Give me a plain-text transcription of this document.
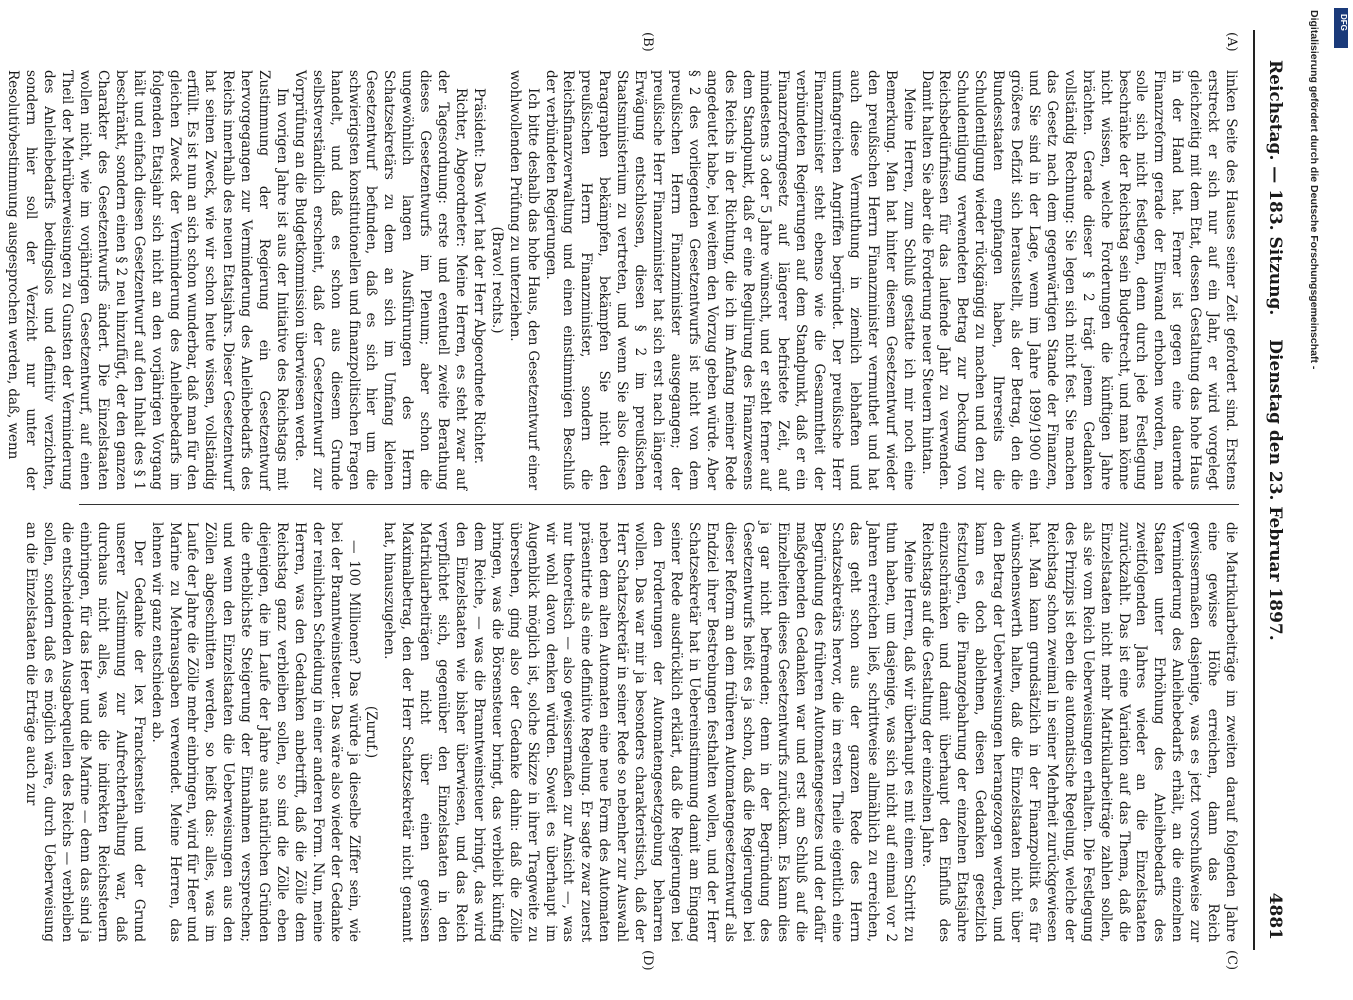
Reichstag. — 183. Sitzung.
Dienstag den 23. Februar 1897.
4881
(A)
(B)
(C)
(D)

linken Seite des Hauses seiner Zeit gefordert sind. Erstens erstreckt er sich nur auf ein Jahr, er wird vorgelegt gleichzeitig mit dem Etat, dessen Gestaltung das hohe Haus in der Hand hat. Ferner ist gegen eine dauernde Finanzreform gerade der Einwand erhoben worden, man solle sich nicht festlegen, denn durch jede Festlegung beschränke der Reichstag sein Budgetrecht, und man könne nicht wissen, welche Forderungen die künftigen Jahre brächten. Gerade dieser § 2 trägt jenem Gedanken vollständig Rechnung: Sie legen sich nicht fest. Sie machen das Gesetz nach dem gegenwärtigen Stande der Finanzen, und Sie sind in der Lage, wenn im Jahre 1899/1900 ein größeres Defizit sich herausstellt, als der Betrag, den die Bundesstaaten empfangen haben, Ihrerseits die Schuldentilgung wieder rückgängig zu machen und den zur Schuldentilgung verwendeten Betrag zur Deckung von Reichsbedürfnissen für das laufende Jahr zu verwenden. Damit halten Sie aber die Forderung neuer Steuern hintan.

Meine Herren, zum Schluß gestatte ich mir noch eine Bemerkung. Man hat hinter diesem Gesetzentwurf wieder den preußischen Herrn Finanzminister vermuthet und hat auch diese Vermuthung in ziemlich lebhaften und umfangreichen Angriffen begründet. Der preußische Herr Finanzminister steht ebenso wie die Gesammtheit der verbündeten Regierungen auf dem Standpunkt, daß er ein Finanzreformgesetz auf längerer befristete Zeit, auf mindestens 3 oder 5 Jahre wünscht, und er steht ferner auf dem Standpunkt, daß er eine Regulirung des Finanzwesens des Reichs in der Richtung, die ich im Anfang meiner Rede angedeutet habe, bei weitem den Vorzug geben würde. Aber § 2 des vorliegenden Gesetzentwurfs ist nicht von dem preußischen Herrn Finanzminister ausgegangen; der preußische Herr Finanzminister hat sich erst nach längerer Erwägung entschlossen, diesen § 2 im preußischen Staatsministerium zu vertreten, und wenn Sie also diesen Paragraphen bekämpfen, bekämpfen Sie nicht den preußischen Herrn Finanzminister, sondern die Reichsfinanzverwaltung und einen einstimmigen Beschluß der verbündeten Regierungen.

Ich bitte deshalb das hohe Haus, den Gesetzentwurf einer wohlwollenden Prüfung zu unterziehen.

(Bravo! rechts.)

Präsident: Das Wort hat der Herr Abgeordnete Richter.

Richter, Abgeordneter: Meine Herren, es steht zwar auf der Tagesordnung: erste und eventuell zweite Berathung dieses Gesetzentwurfs im Plenum; aber schon die ungewöhnlich langen Ausführungen des Herrn Schatzsekretärs zu dem an sich im Umfang kleinen Gesetzentwurf befunden, daß es sich hier um die schwierigsten konstitutionellen und finanzpolitischen Fragen handelt, und daß es schon aus diesem Grunde selbstverständlich erscheint, daß der Gesetzentwurf zur Vorprüfung an die Budgetkommission überwiesen werde.

Im vorigen Jahre ist aus der Initiative des Reichstags mit Zustimmung der Regierung ein Gesetzentwurf hervorgegangen zur Verminderung des Anleihebedarfs des Reichs innerhalb des neuen Etatsjahrs. Dieser Gesetzentwurf hat seinen Zweck, wie wir schon heute wissen, vollständig erfüllt. Es ist nun an sich schon wunderbar, daß man für den gleichen Zweck der Verminderung des Anleihebedarfs im folgenden Etatsjahr sich nicht an den vorjährigen Vorgang hält und einfach diesen Gesetzentwurf auf den Inhalt des § 1 beschränkt, sondern einen § 2 neu hinzufügt, der den ganzen Charakter des Gesetzentwurfs ändert. Die Einzelstaaten wollen nicht, wie im vorjährigen Gesetzentwurf, auf einen Theil der Mehrüberweisungen zu Gunsten der Verminderung des Anleihebedarfs bedingslos und definitiv verzichten, sondern hier soll der Verzicht nur unter der Resolutivbestimmung ausgesprochen werden, daß, wenn

die Matrikularbeiträge im zweiten darauf folgenden Jahre eine gewisse Höhe erreichen, dann das Reich gewissermaßen dasjenige, was es jetzt vorschußweise zur Verminderung des Anleihebedarfs erhält, an die einzelnen Staaten unter Erhöhung des Anleihebedarfs des zweitfolgenden Jahres wieder an die Einzelstaaten zurückzahlt. Das ist eine Variation auf das Thema, daß die Einzelstaaten nicht mehr Matrikularbeiträge zahlen sollen, als sie vom Reich Ueberweisungen erhalten. Die Festlegung des Prinzips ist eben die automatische Regelung, welche der Reichstag schon zweimal in seiner Mehrheit zurückgewiesen hat. Man kann grundsätzlich in der Finanzpolitik es für wünschenswerth halten, daß die Einzelstaaten nicht über den Betrag der Ueberweisungen herangezogen werden, und kann es doch ablehnen, diesen Gedanken gesetzlich festzulegen, die Finanzgebahrung der einzelnen Etatsjahre einzuschränken und damit überhaupt den Einfluß des Reichstags auf die Gestaltung der einzelnen Jahre.

Meine Herren, daß wir überhaupt es mit einem Schritt zu thun haben, um dasjenige, was sich nicht auf einmal vor 2 Jahren erreichen ließ, schrittweise allmählich zu erreichen, das geht schon aus der ganzen Rede des Herrn Schatzsekretärs hervor, die im ersten Theile eigentlich eine Begründung des früheren Automatengesetzes und der dafür maßgebenden Gedanken war und erst am Schluß auf die Einzelheiten dieses Gesetzentwurfs zurückkam. Es kann dies ja gar nicht befremden; denn in der Begründung des Gesetzentwurfs heißt es ja schon, daß die Regierungen bei dieser Reform an dem früheren Automatengesetzentwurf als Endziel ihrer Bestrebungen festhalten wollen, und der Herr Schatzsekretär hat in Uebereinstimmung damit am Eingang seiner Rede ausdrücklich erklärt, daß die Regierungen bei den Forderungen der Automatengesetzgebung beharren wollen. Das war mir ja besonders charakteristisch, daß der Herr Schatzsekretär in seiner Rede so nebenher zur Auswahl neben dem alten Automaten eine neue Form des Automaten präsentirte als eine definitive Regelung. Er sagte zwar zuerst nur theoretisch — also gewissermaßen zur Ansicht —, was wir wohl davon denken würden. Soweit es überhaupt im Augenblick möglich ist, solche Skizze in ihrer Tragweite zu übersehen, ging also der Gedanke dahin: daß die Zölle bringen, was die Börsensteuer bringt, das verbleibt künftig dem Reiche, — was die Branntweinsteuer bringt, das wird den Einzelstaaten wie bisher überwiesen, und das Reich verpflichtet sich, gegenüber den Einzelstaaten in den Matrikularbeiträgen nicht über einen gewissen Maximalbetrag, den der Herr Schatzsekretär nicht genannt hat, hinauszugehen.

(Zuruf.)

— 100 Millionen? Das würde ja dieselbe Ziffer sein, wie bei der Branntweinsteuer. Das wäre also wieder der Gedanke der reinlichen Scheidung in einer anderen Form. Nun, meine Herren, was den Gedanken anbetrifft, daß die Zölle dem Reichstag ganz verbleiben sollen, so sind die Zölle eben diejenigen, die im Laufe der Jahre aus natürlichen Gründen die erheblichste Steigerung der Einnahmen versprechen; und wenn den Einzelstaaten die Ueberweisungen aus den Zöllen abgeschnitten werden, so heißt das: alles, was im Laufe der Jahre die Zölle mehr einbringen, wird für Heer und Marine zu Mehrausgaben verwendet. Meine Herren, das lehnen wir ganz entschieden ab.

Der Gedanke der lex Franckenstein und der Grund unserer Zustimmung zur Aufrechterhaltung war, daß durchaus nicht alles, was die indirekten Reichssteuern einbringen, für das Heer und die Marine — denn das sind ja die entscheidenden Ausgabequellen des Reichs — verbleiben sollen, sondern daß es möglich wäre, durch Ueberweisung an die Einzelstaaten die Erträge auch zur

Digitalisierung gefördert durch die Deutsche Forschungsgemeinschaft - DFG
